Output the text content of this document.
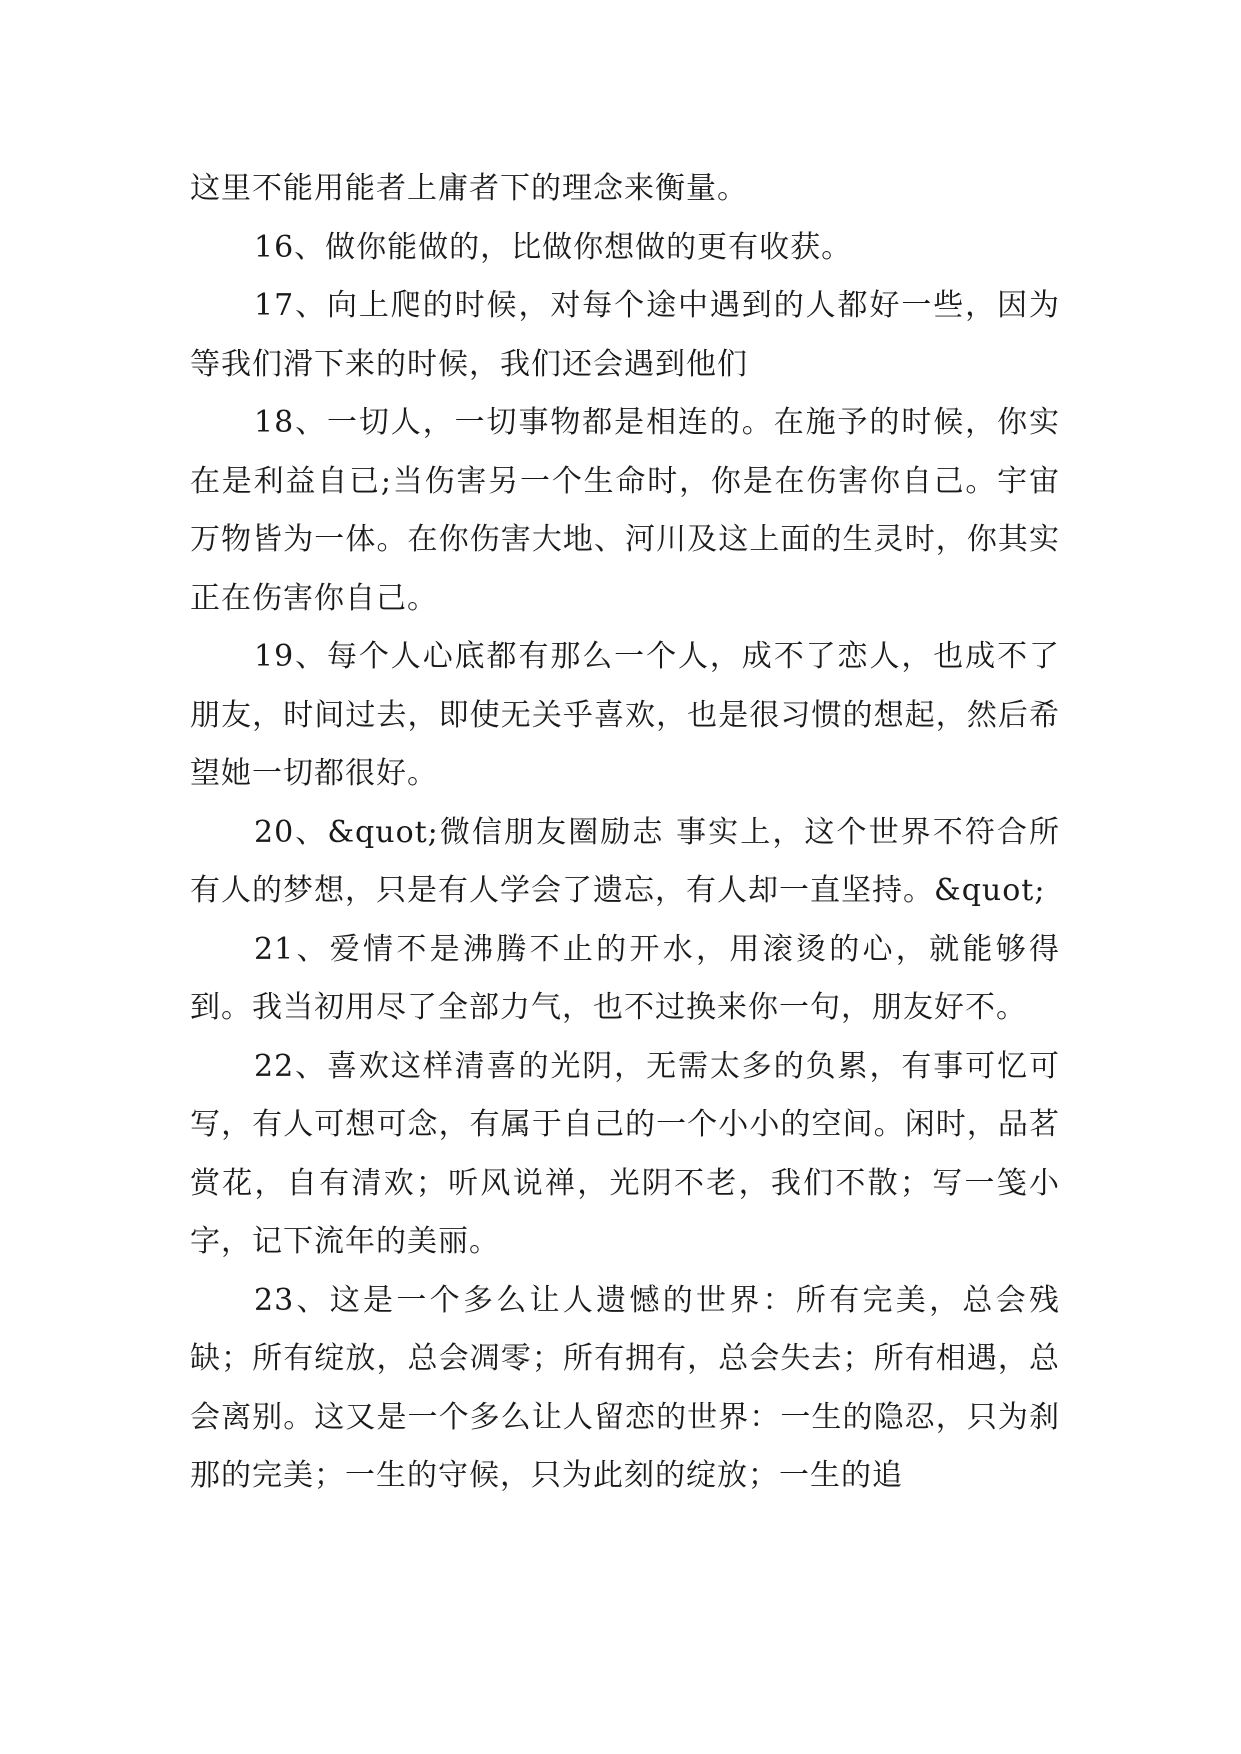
这里不能用能者上庸者下的理念来衡量。

16、做你能做的，比做你想做的更有收获。

17、向上爬的时候，对每个途中遇到的人都好一些，因为等我们滑下来的时候，我们还会遇到他们

18、一切人，一切事物都是相连的。在施予的时候，你实在是利益自已;当伤害另一个生命时，你是在伤害你自己。宇宙万物皆为一体。在你伤害大地、河川及这上面的生灵时，你其实正在伤害你自己。

19、每个人心底都有那么一个人，成不了恋人，也成不了朋友，时间过去，即使无关乎喜欢，也是很习惯的想起，然后希望她一切都很好。

20、&quot;微信朋友圈励志 事实上，这个世界不符合所有人的梦想，只是有人学会了遗忘，有人却一直坚持。&quot;

21、爱情不是沸腾不止的开水，用滚烫的心，就能够得到。我当初用尽了全部力气，也不过换来你一句，朋友好不。

22、喜欢这样清喜的光阴，无需太多的负累，有事可忆可写，有人可想可念，有属于自己的一个小小的空间。闲时，品茗赏花，自有清欢；听风说禅，光阴不老，我们不散；写一笺小字，记下流年的美丽。

23、这是一个多么让人遗憾的世界：所有完美，总会残缺；所有绽放，总会凋零；所有拥有，总会失去；所有相遇，总会离别。这又是一个多么让人留恋的世界：一生的隐忍，只为刹那的完美；一生的守候，只为此刻的绽放；一生的追
